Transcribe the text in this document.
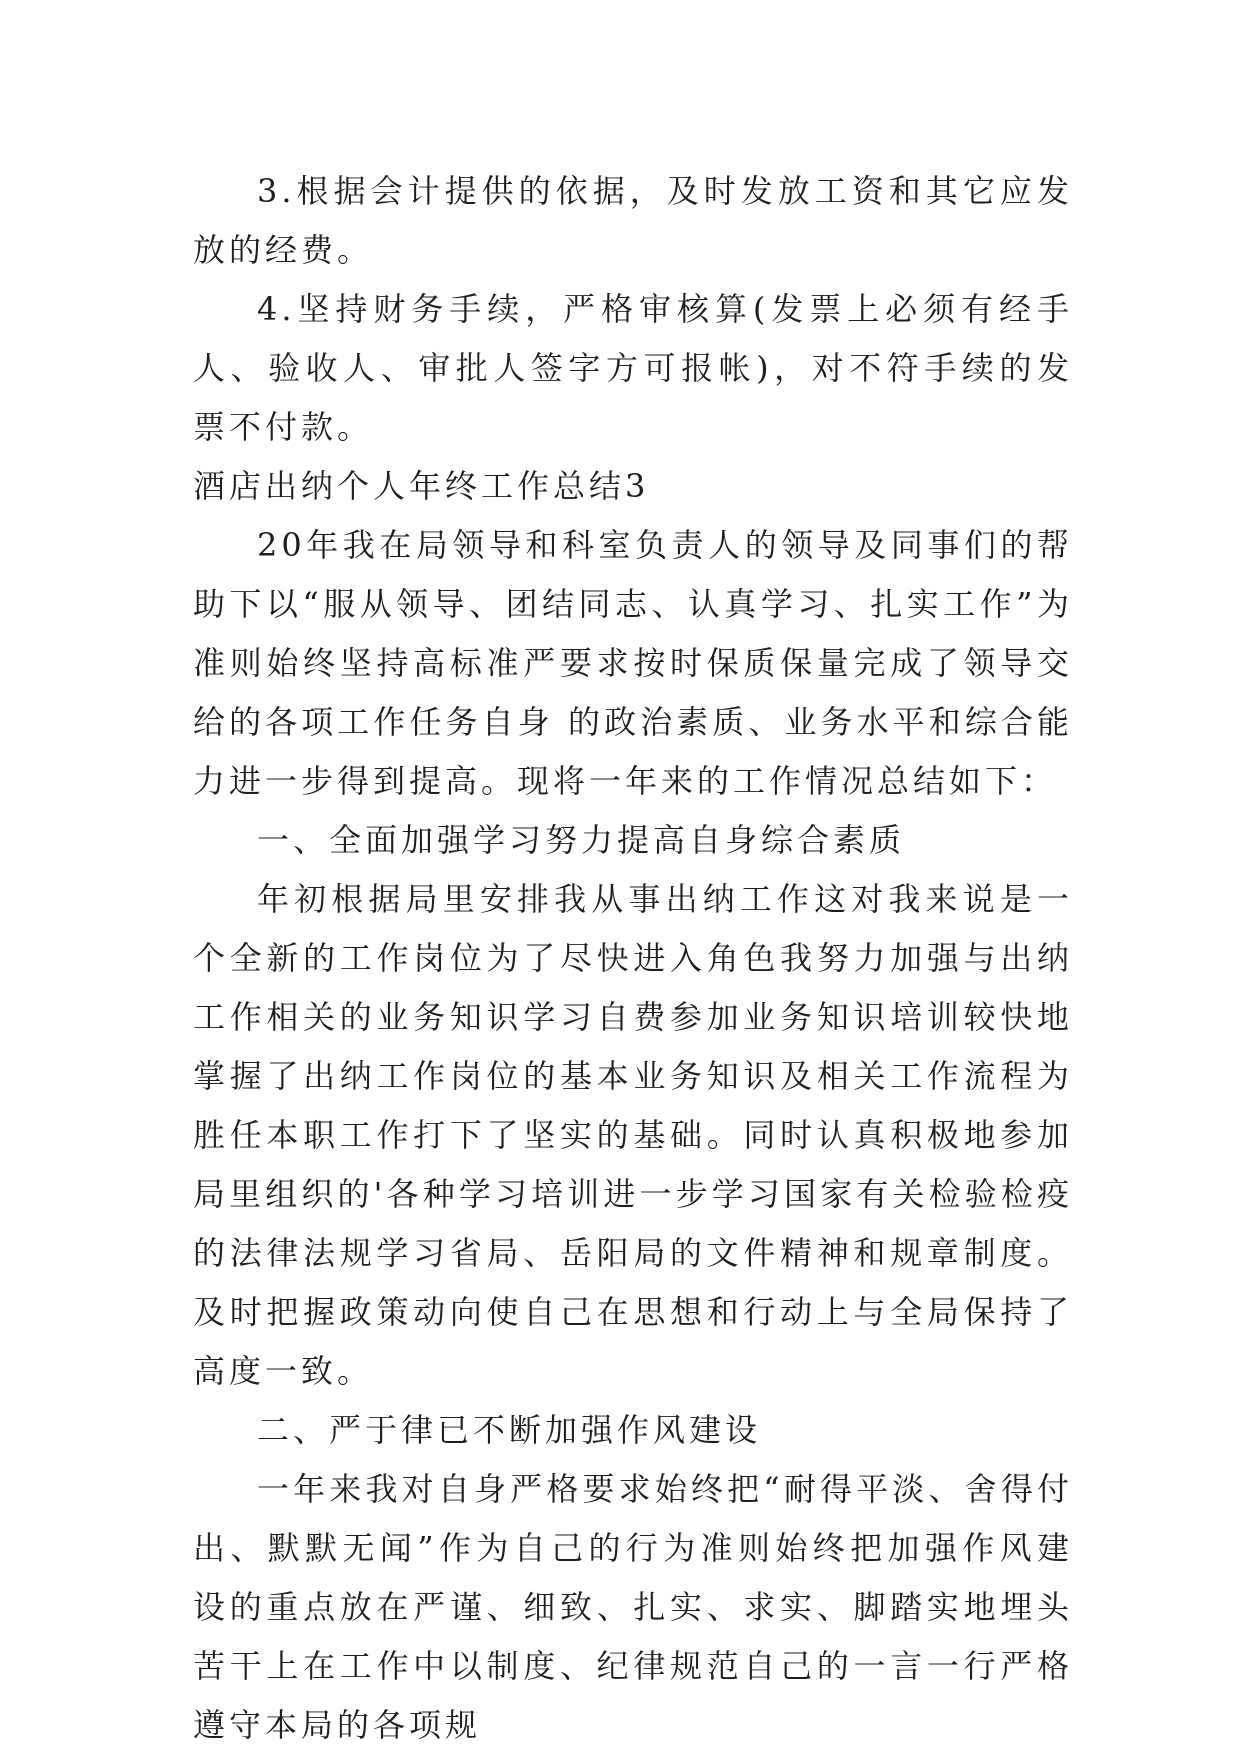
3.根据会计提供的依据，及时发放工资和其它应发放的经费。

4.坚持财务手续，严格审核算(发票上必须有经手人、验收人、审批人签字方可报帐)，对不符手续的发票不付款。

酒店出纳个人年终工作总结3

20年我在局领导和科室负责人的领导及同事们的帮助下以“服从领导、团结同志、认真学习、扎实工作”为准则始终坚持高标准严要求按时保质保量完成了领导交给的各项工作任务自身 的政治素质、业务水平和综合能力进一步得到提高。现将一年来的工作情况总结如下：

一、全面加强学习努力提高自身综合素质

年初根据局里安排我从事出纳工作这对我来说是一个全新的工作岗位为了尽快进入角色我努力加强与出纳工作相关的业务知识学习自费参加业务知识培训较快地掌握了出纳工作岗位的基本业务知识及相关工作流程为胜任本职工作打下了坚实的基础。同时认真积极地参加局里组织的'各种学习培训进一步学习国家有关检验检疫的法律法规学习省局、岳阳局的文件精神和规章制度。及时把握政策动向使自己在思想和行动上与全局保持了高度一致。

二、严于律已不断加强作风建设

一年来我对自身严格要求始终把“耐得平淡、舍得付出、默默无闻”作为自己的行为准则始终把加强作风建设的重点放在严谨、细致、扎实、求实、脚踏实地埋头苦干上在工作中以制度、纪律规范自己的一言一行严格遵守本局的各项规
